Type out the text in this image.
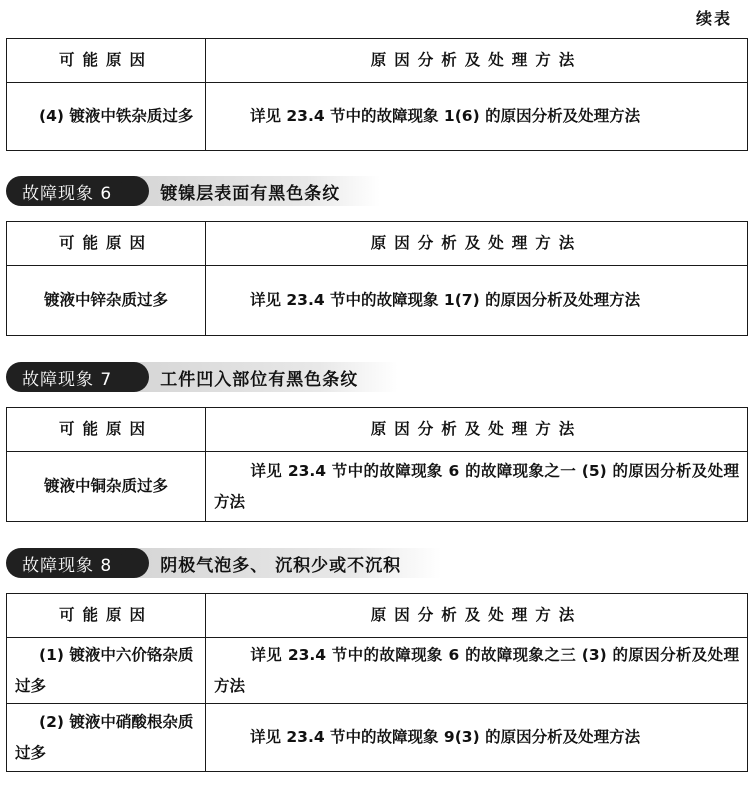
续表
可能原因	原因分析及处理方法
(4) 镀液中铁杂质过多	详见 23.4 节中的故障现象 1(6) 的原因分析及处理方法
故障现象 6	镀镍层表面有黑色条纹
可能原因	原因分析及处理方法
镀液中锌杂质过多	详见 23.4 节中的故障现象 1(7) 的原因分析及处理方法
故障现象 7	工件凹入部位有黑色条纹
可能原因	原因分析及处理方法
镀液中铜杂质过多	详见 23.4 节中的故障现象 6 的故障现象之一 (5) 的原因分析及处理方法
故障现象 8	阴极气泡多、 沉积少或不沉积
可能原因	原因分析及处理方法
(1) 镀液中六价铬杂质过多	详见 23.4 节中的故障现象 6 的故障现象之三 (3) 的原因分析及处理方法
(2) 镀液中硝酸根杂质过多	详见 23.4 节中的故障现象 9(3) 的原因分析及处理方法
